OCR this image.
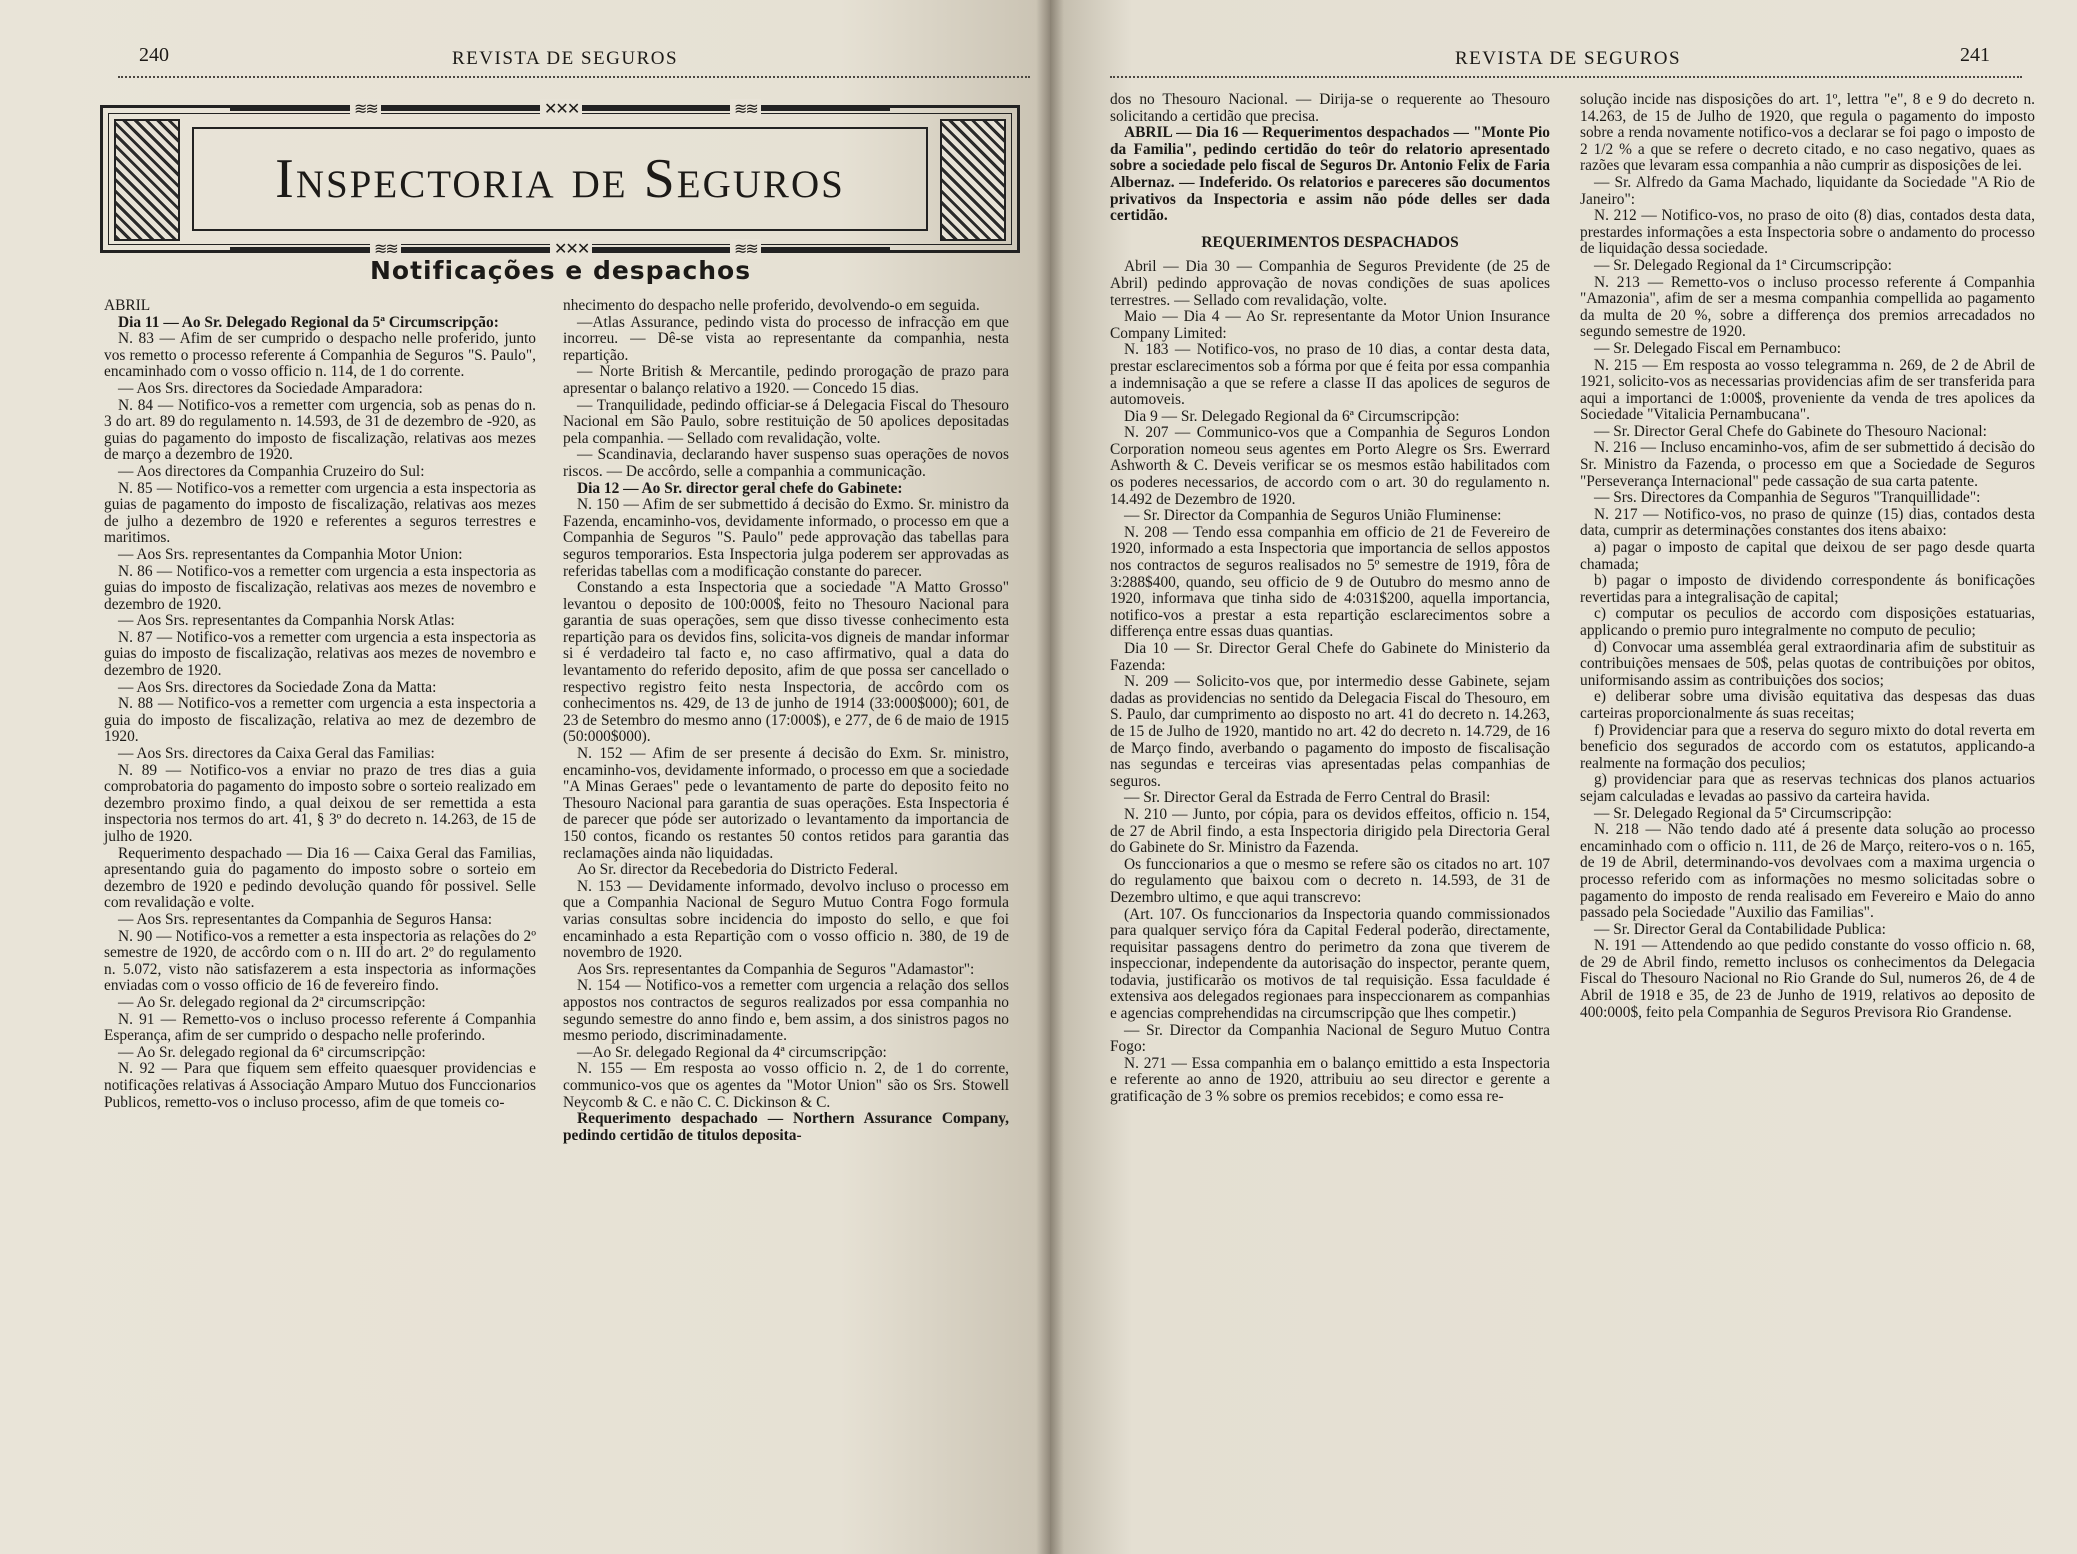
240	REVISTA DE SEGUROS
≋≋	✕✕✕	≋≋
Inspectoria de Seguros
≋≋	✕✕✕	≋≋
Notificações e despachos

ABRIL

Dia 11 — Ao Sr. Delegado Regional da 5ª Circumscripção:

N. 83 — Afim de ser cumprido o despacho nelle proferido, junto vos remetto o processo referente á Companhia de Seguros "S. Paulo", encaminhado com o vosso officio n. 114, de 1 do corrente.

— Aos Srs. directores da Sociedade Amparadora:

N. 84 — Notifico-vos a remetter com urgencia, sob as penas do n. 3 do art. 89 do regulamento n. 14.593, de 31 de dezembro de -920, as guias do pagamento do imposto de fiscalização, relativas aos mezes de março a dezembro de 1920.

— Aos directores da Companhia Cruzeiro do Sul:

N. 85 — Notifico-vos a remetter com urgencia a esta inspectoria as guias de pagamento do imposto de fiscalização, relativas aos mezes de julho a dezembro de 1920 e referentes a seguros terrestres e maritimos.

— Aos Srs. representantes da Companhia Motor Union:

N. 86 — Notifico-vos a remetter com urgencia a esta inspectoria as guias do imposto de fiscalização, relativas aos mezes de novembro e dezembro de 1920.

— Aos Srs. representantes da Companhia Norsk Atlas:

N. 87 — Notifico-vos a remetter com urgencia a esta inspectoria as guias do imposto de fiscalização, relativas aos mezes de novembro e dezembro de 1920.

— Aos Srs. directores da Sociedade Zona da Matta:

N. 88 — Notifico-vos a remetter com urgencia a esta inspectoria a guia do imposto de fiscalização, relativa ao mez de dezembro de 1920.

— Aos Srs. directores da Caixa Geral das Familias:

N. 89 — Notifico-vos a enviar no prazo de tres dias a guia comprobatoria do pagamento do imposto sobre o sorteio realizado em dezembro proximo findo, a qual deixou de ser remettida a esta inspectoria nos termos do art. 41, § 3º do decreto n. 14.263, de 15 de julho de 1920.

Requerimento despachado — Dia 16 — Caixa Geral das Familias, apresentando guia do pagamento do imposto sobre o sorteio em dezembro de 1920 e pedindo devolução quando fôr possivel. Selle com revalidação e volte.

— Aos Srs. representantes da Companhia de Seguros Hansa:

N. 90 — Notifico-vos a remetter a esta inspectoria as relações do 2º semestre de 1920, de accôrdo com o n. III do art. 2º do regulamento n. 5.072, visto não satisfazerem a esta inspectoria as informações enviadas com o vosso officio de 16 de fevereiro findo.

— Ao Sr. delegado regional da 2ª circumscripção:

N. 91 — Remetto-vos o incluso processo referente á Companhia Esperança, afim de ser cumprido o despacho nelle proferindo.

— Ao Sr. delegado regional da 6ª circumscripção:

N. 92 — Para que fiquem sem effeito quaesquer providencias e notificações relativas á Associação Amparo Mutuo dos Funccionarios Publicos, remetto-vos o incluso processo, afim de que tomeis co-

nhecimento do despacho nelle proferido, devolvendo-o em seguida.

—Atlas Assurance, pedindo vista do processo de infracção em que incorreu. — Dê-se vista ao representante da companhia, nesta repartição.

— Norte British & Mercantile, pedindo prorogação de prazo para apresentar o balanço relativo a 1920. — Concedo 15 dias.

— Tranquilidade, pedindo officiar-se á Delegacia Fiscal do Thesouro Nacional em São Paulo, sobre restituição de 50 apolices depositadas pela companhia. — Sellado com revalidação, volte.

— Scandinavia, declarando haver suspenso suas operações de novos riscos. — De accôrdo, selle a companhia a communicação.

Dia 12 — Ao Sr. director geral chefe do Gabinete:

N. 150 — Afim de ser submettido á decisão do Exmo. Sr. ministro da Fazenda, encaminho-vos, devidamente informado, o processo em que a Companhia de Seguros "S. Paulo" pede approvação das tabellas para seguros temporarios. Esta Inspectoria julga poderem ser approvadas as referidas tabellas com a modificação constante do parecer.

Constando a esta Inspectoria que a sociedade "A Matto Grosso" levantou o deposito de 100:000$, feito no Thesouro Nacional para garantia de suas operações, sem que disso tivesse conhecimento esta repartição para os devidos fins, solicita-vos digneis de mandar informar si é verdadeiro tal facto e, no caso affirmativo, qual a data do levantamento do referido deposito, afim de que possa ser cancellado o respectivo registro feito nesta Inspectoria, de accôrdo com os conhecimentos ns. 429, de 13 de junho de 1914 (33:000$000); 601, de 23 de Setembro do mesmo anno (17:000$), e 277, de 6 de maio de 1915 (50:000$000).

N. 152 — Afim de ser presente á decisão do Exm. Sr. ministro, encaminho-vos, devidamente informado, o processo em que a sociedade "A Minas Geraes" pede o levantamento de parte do deposito feito no Thesouro Nacional para garantia de suas operações. Esta Inspectoria é de parecer que póde ser autorizado o levantamento da importancia de 150 contos, ficando os restantes 50 contos retidos para garantia das reclamações ainda não liquidadas.

Ao Sr. director da Recebedoria do Districto Federal.

N. 153 — Devidamente informado, devolvo incluso o processo em que a Companhia Nacional de Seguro Mutuo Contra Fogo formula varias consultas sobre incidencia do imposto do sello, e que foi encaminhado a esta Repartição com o vosso officio n. 380, de 19 de novembro de 1920.

Aos Srs. representantes da Companhia de Seguros "Adamastor":

N. 154 — Notifico-vos a remetter com urgencia a relação dos sellos appostos nos contractos de seguros realizados por essa companhia no segundo semestre do anno findo e, bem assim, a dos sinistros pagos no mesmo periodo, discriminadamente.

—Ao Sr. delegado Regional da 4ª circumscripção:

N. 155 — Em resposta ao vosso officio n. 2, de 1 do corrente, communico-vos que os agentes da "Motor Union" são os Srs. Stowell Neycomb & C. e não C. C. Dickinson & C.

Requerimento despachado — Northern Assurance Company, pedindo certidão de titulos deposita-

REVISTA DE SEGUROS	241

dos no Thesouro Nacional. — Dirija-se o requerente ao Thesouro solicitando a certidão que precisa.

ABRIL — Dia 16 — Requerimentos despachados — "Monte Pio da Familia", pedindo certidão do teôr do relatorio apresentado sobre a sociedade pelo fiscal de Seguros Dr. Antonio Felix de Faria Albernaz. — Indeferido. Os relatorios e pareceres são documentos privativos da Inspectoria e assim não póde delles ser dada certidão.

REQUERIMENTOS DESPACHADOS

Abril — Dia 30 — Companhia de Seguros Previdente (de 25 de Abril) pedindo approvação de novas condições de suas apolices terrestres. — Sellado com revalidação, volte.

Maio — Dia 4 — Ao Sr. representante da Motor Union Insurance Company Limited:

N. 183 — Notifico-vos, no praso de 10 dias, a contar desta data, prestar esclarecimentos sob a fórma por que é feita por essa companhia a indemnisação a que se refere a classe II das apolices de seguros de automoveis.

Dia 9 — Sr. Delegado Regional da 6ª Circumscripção:

N. 207 — Communico-vos que a Companhia de Seguros London Corporation nomeou seus agentes em Porto Alegre os Srs. Ewerrard Ashworth & C. Deveis verificar se os mesmos estão habilitados com os poderes necessarios, de accordo com o art. 30 do regulamento n. 14.492 de Dezembro de 1920.

— Sr. Director da Companhia de Seguros União Fluminense:

N. 208 — Tendo essa companhia em officio de 21 de Fevereiro de 1920, informado a esta Inspectoria que importancia de sellos appostos nos contractos de seguros realisados no 5º semestre de 1919, fôra de 3:288$400, quando, seu officio de 9 de Outubro do mesmo anno de 1920, informava que tinha sido de 4:031$200, aquella importancia, notifico-vos a prestar a esta repartição esclarecimentos sobre a differença entre essas duas quantias.

Dia 10 — Sr. Director Geral Chefe do Gabinete do Ministerio da Fazenda:

N. 209 — Solicito-vos que, por intermedio desse Gabinete, sejam dadas as providencias no sentido da Delegacia Fiscal do Thesouro, em S. Paulo, dar cumprimento ao disposto no art. 41 do decreto n. 14.263, de 15 de Julho de 1920, mantido no art. 42 do decreto n. 14.729, de 16 de Março findo, averbando o pagamento do imposto de fiscalisação nas segundas e terceiras vias apresentadas pelas companhias de seguros.

— Sr. Director Geral da Estrada de Ferro Central do Brasil:

N. 210 — Junto, por cópia, para os devidos effeitos, officio n. 154, de 27 de Abril findo, a esta Inspectoria dirigido pela Directoria Geral do Gabinete do Sr. Ministro da Fazenda.

Os funccionarios a que o mesmo se refere são os citados no art. 107 do regulamento que baixou com o decreto n. 14.593, de 31 de Dezembro ultimo, e que aqui transcrevo:

(Art. 107. Os funccionarios da Inspectoria quando commissionados para qualquer serviço fóra da Capital Federal poderão, directamente, requisitar passagens dentro do perimetro da zona que tiverem de inspeccionar, independente da autorisação do inspector, perante quem, todavia, justificarão os motivos de tal requisição. Essa faculdade é extensiva aos delegados regionaes para inspeccionarem as companhias e agencias comprehendidas na circumscripção que lhes competir.)

— Sr. Director da Companhia Nacional de Seguro Mutuo Contra Fogo:

N. 271 — Essa companhia em o balanço emittido a esta Inspectoria e referente ao anno de 1920, attribuiu ao seu director e gerente a gratificação de 3 % sobre os premios recebidos; e como essa re-

solução incide nas disposições do art. 1º, lettra "e", 8 e 9 do decreto n. 14.263, de 15 de Julho de 1920, que regula o pagamento do imposto sobre a renda novamente notifico-vos a declarar se foi pago o imposto de 2 1/2 % a que se refere o decreto citado, e no caso negativo, quaes as razões que levaram essa companhia a não cumprir as disposições de lei.

— Sr. Alfredo da Gama Machado, liquidante da Sociedade "A Rio de Janeiro":

N. 212 — Notifico-vos, no praso de oito (8) dias, contados desta data, prestardes informações a esta Inspectoria sobre o andamento do processo de liquidação dessa sociedade.

— Sr. Delegado Regional da 1ª Circumscripção:

N. 213 — Remetto-vos o incluso processo referente á Companhia "Amazonia", afim de ser a mesma companhia compellida ao pagamento da multa de 20 %, sobre a differença dos premios arrecadados no segundo semestre de 1920.

— Sr. Delegado Fiscal em Pernambuco:

N. 215 — Em resposta ao vosso telegramma n. 269, de 2 de Abril de 1921, solicito-vos as necessarias providencias afim de ser transferida para aqui a importanci de 1:000$, proveniente da venda de tres apolices da Sociedade "Vitalicia Pernambucana".

— Sr. Director Geral Chefe do Gabinete do Thesouro Nacional:

N. 216 — Incluso encaminho-vos, afim de ser submettido á decisão do Sr. Ministro da Fazenda, o processo em que a Sociedade de Seguros "Perseverança Internacional" pede cassação de sua carta patente.

— Srs. Directores da Companhia de Seguros "Tranquillidade":

N. 217 — Notifico-vos, no praso de quinze (15) dias, contados desta data, cumprir as determinações constantes dos itens abaixo:

a) pagar o imposto de capital que deixou de ser pago desde quarta chamada;

b) pagar o imposto de dividendo correspondente ás bonificações revertidas para a integralisação de capital;

c) computar os peculios de accordo com disposições estatuarias, applicando o premio puro integralmente no computo de peculio;

d) Convocar uma assembléa geral extraordinaria afim de substituir as contribuições mensaes de 50$, pelas quotas de contribuições por obitos, uniformisando assim as contribuições dos socios;

e) deliberar sobre uma divisão equitativa das despesas das duas carteiras proporcionalmente ás suas receitas;

f) Providenciar para que a reserva do seguro mixto do dotal reverta em beneficio dos segurados de accordo com os estatutos, applicando-a realmente na formação dos peculios;

g) providenciar para que as reservas technicas dos planos actuarios sejam calculadas e levadas ao passivo da carteira havida.

— Sr. Delegado Regional da 5ª Circumscripção:

N. 218 — Não tendo dado até á presente data solução ao processo encaminhado com o officio n. 111, de 26 de Março, reitero-vos o n. 165, de 19 de Abril, determinando-vos devolvaes com a maxima urgencia o processo referido com as informações no mesmo solicitadas sobre o pagamento do imposto de renda realisado em Fevereiro e Maio do anno passado pela Sociedade "Auxilio das Familias".

— Sr. Director Geral da Contabilidade Publica:

N. 191 — Attendendo ao que pedido constante do vosso officio n. 68, de 29 de Abril findo, remetto inclusos os conhecimentos da Delegacia Fiscal do Thesouro Nacional no Rio Grande do Sul, numeros 26, de 4 de Abril de 1918 e 35, de 23 de Junho de 1919, relativos ao deposito de 400:000$, feito pela Companhia de Seguros Previsora Rio Grandense.
